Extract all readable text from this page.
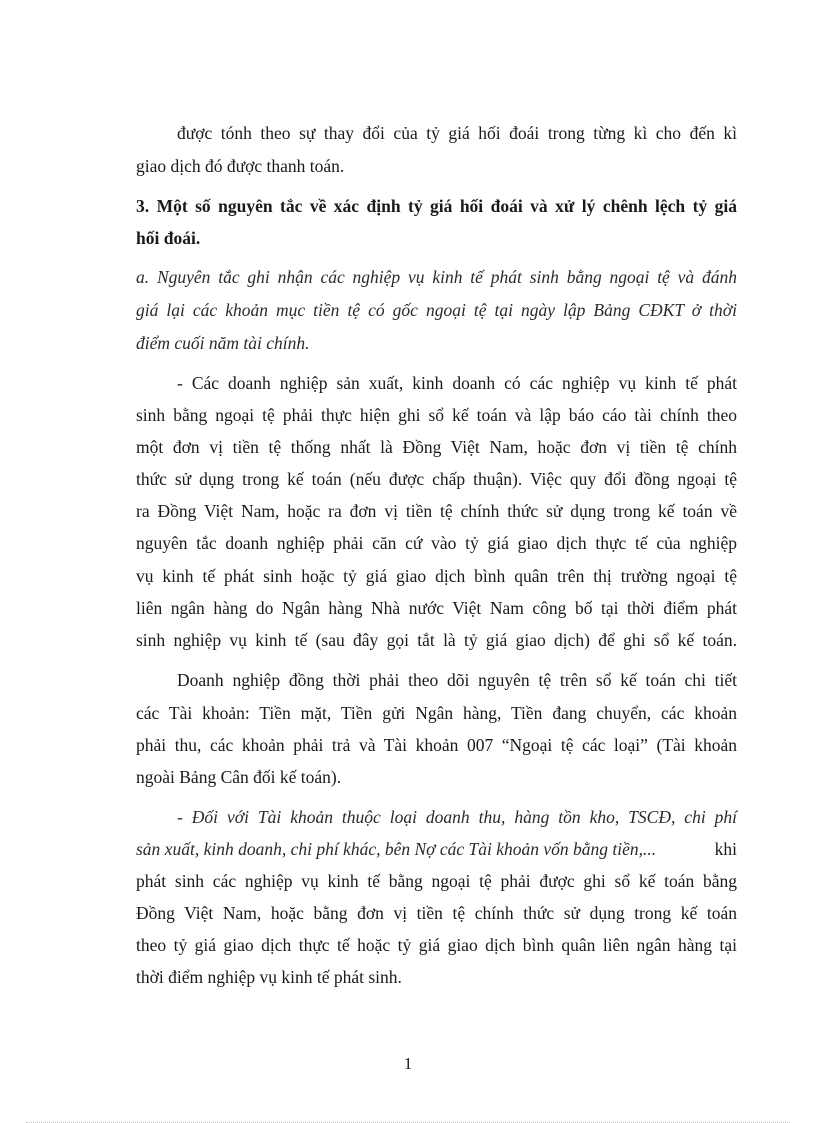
được tónh theo sự thay đổi của tỷ giá hối đoái trong từng kì cho đến kì
giao dịch đó được thanh toán.
3. Một số nguyên tắc về xác định tỷ giá hối đoái và xử lý chênh lệch tỷ giá
hối đoái.
a. Nguyên tắc ghi nhận các nghiệp vụ kinh tế phát sinh bằng ngoại tệ và đánh
giá lại các khoản mục tiền tệ có gốc ngoại tệ tại ngày lập Bảng CĐKT ở thời
điểm cuối năm tài chính.
- Các doanh nghiệp sản xuất, kinh doanh có các nghiệp vụ kinh tế phát
sinh bằng ngoại tệ phải thực hiện ghi sổ kế toán và lập báo cáo tài chính theo
một đơn vị tiền tệ thống nhất là Đồng Việt Nam, hoặc đơn vị tiền tệ chính
thức sử dụng trong kế toán (nếu được chấp thuận). Việc quy đổi đồng ngoại tệ
ra Đồng Việt Nam, hoặc ra đơn vị tiền tệ chính thức sử dụng trong kế toán về
nguyên tắc doanh nghiệp phải căn cứ vào tỷ giá giao dịch thực tế của nghiệp
vụ kinh tế phát sinh hoặc tỷ giá giao dịch bình quân trên thị trường ngoại tệ
liên ngân hàng do Ngân hàng Nhà nước Việt Nam công bố tại thời điểm phát
sinh nghiệp vụ kinh tế (sau đây gọi tắt là tỷ giá giao dịch) để ghi sổ kế toán.
Doanh nghiệp đồng thời phải theo dõi nguyên tệ trên sổ kế toán chi tiết
các Tài khoản: Tiền mặt, Tiền gửi Ngân hàng, Tiền đang chuyển, các khoản
phải thu, các khoản phải trả và Tài khoản 007 “Ngoại tệ các loại” (Tài khoản
ngoài Bảng Cân đối kế toán).
- Đối với Tài khoản thuộc loại doanh thu, hàng tồn kho, TSCĐ, chi phí
sản xuất, kinh doanh, chi phí khác, bên Nợ các Tài khoản vốn bằng tiền,...	khi
phát sinh các nghiệp vụ kinh tế bằng ngoại tệ phải được ghi sổ kế toán bằng
Đồng Việt Nam, hoặc bằng đơn vị tiền tệ chính thức sử dụng trong kế toán
theo tỷ giá giao dịch thực tế hoặc tỷ giá giao dịch bình quân liên ngân hàng tại
thời điểm nghiệp vụ kinh tế phát sinh.
1
